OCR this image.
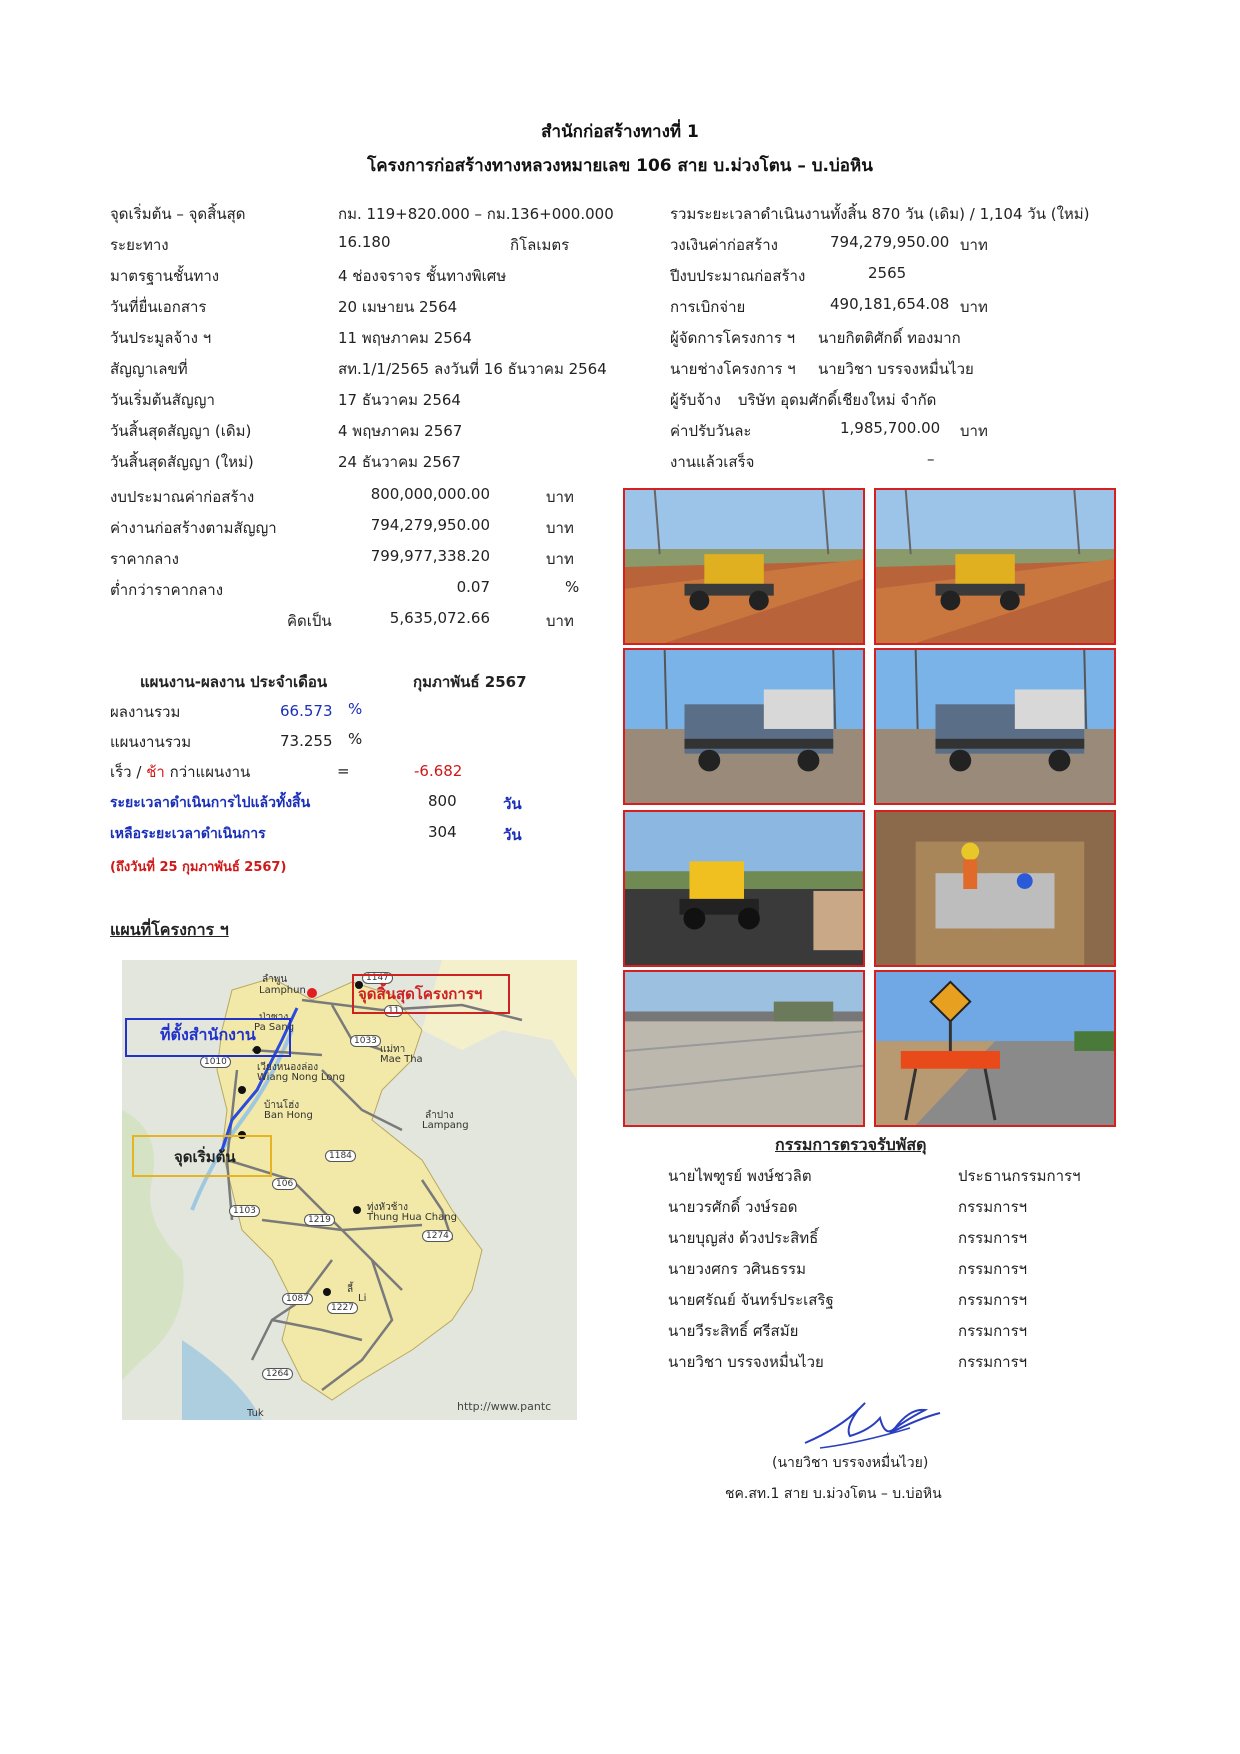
สำนักก่อสร้างทางที่ 1
โครงการก่อสร้างทางหลวงหมายเลข 106 สาย บ.ม่วงโตน – บ.บ่อหิน
จุดเริ่มต้น – จุดสิ้นสุด	กม. 119+820.000 – กม.136+000.000
ระยะทาง	16.180	กิโลเมตร
มาตรฐานชั้นทาง	4 ช่องจราจร ชั้นทางพิเศษ
วันที่ยื่นเอกสาร	20 เมษายน 2564
วันประมูลจ้าง ฯ	11 พฤษภาคม 2564
สัญญาเลขที่	สท.1/1/2565 ลงวันที่ 16 ธันวาคม 2564
วันเริ่มต้นสัญญา	17 ธันวาคม 2564
วันสิ้นสุดสัญญา (เดิม)	4 พฤษภาคม 2567
วันสิ้นสุดสัญญา (ใหม่)	24 ธันวาคม 2567
รวมระยะเวลาดำเนินงานทั้งสิ้น 870 วัน (เดิม) / 1,104 วัน (ใหม่)
วงเงินค่าก่อสร้าง	794,279,950.00 บาท
ปีงบประมาณก่อสร้าง	2565
การเบิกจ่าย	490,181,654.08 บาท
ผู้จัดการโครงการ ฯ นายกิตติศักดิ์ ทองมาก
นายช่างโครงการ ฯ นายวิชา บรรจงหมื่นไวย
ผู้รับจ้าง บริษัท อุดมศักดิ์เชียงใหม่ จำกัด
ค่าปรับวันละ	1,985,700.00 บาท
งานแล้วเสร็จ	–
งบประมาณค่าก่อสร้าง	800,000,000.00	บาท
ค่างานก่อสร้างตามสัญญา	794,279,950.00	บาท
ราคากลาง	799,977,338.20	บาท
ต่ำกว่าราคากลาง	0.07	%
คิดเป็น	5,635,072.66	บาท
แผนงาน-ผลงาน ประจำเดือน	กุมภาพันธ์ 2567
ผลงานรวม	66.573 %
แผนงานรวม	73.255 %
เร็ว / ช้า กว่าแผนงาน	=	-6.682
ระยะเวลาดำเนินการไปแล้วทั้งสิ้น	800	วัน
เหลือระยะเวลาดำเนินการ	304	วัน
(ถึงวันที่ 25 กุมภาพันธ์ 2567)
แผนที่โครงการ ฯ
ลำพูน
Lamphun
ป่าซาง
Pa Sang
เวียงหนองล่อง
Wiang Nong Long
บ้านโฮ่ง
Ban Hong
แม่ทา
Mae Tha
ลำปาง
Lampang
ทุ่งหัวช้าง
Thung Hua Chang
ลี้
Li
Tuk
1147
11
1033
1010
1184
106
1103
1219
1274
1087
1227
1264
http://www.pantc
ที่ตั้งสำนักงาน
จุดสิ้นสุดโครงการฯ
จุดเริ่มต้น
กรรมการตรวจรับพัสดุ
นายไพฑูรย์ พงษ์ชวลิต	ประธานกรรมการฯ
นายวรศักดิ์ วงษ์รอด	กรรมการฯ
นายบุญส่ง ด้วงประสิทธิ์	กรรมการฯ
นายวงศกร วศินธรรม	กรรมการฯ
นายศรัณย์ จันทร์ประเสริฐ	กรรมการฯ
นายวีระสิทธิ์ ศรีสมัย	กรรมการฯ
นายวิชา บรรจงหมื่นไวย	กรรมการฯ
(นายวิชา บรรจงหมื่นไวย)
ชค.สท.1 สาย บ.ม่วงโตน – บ.บ่อหิน
